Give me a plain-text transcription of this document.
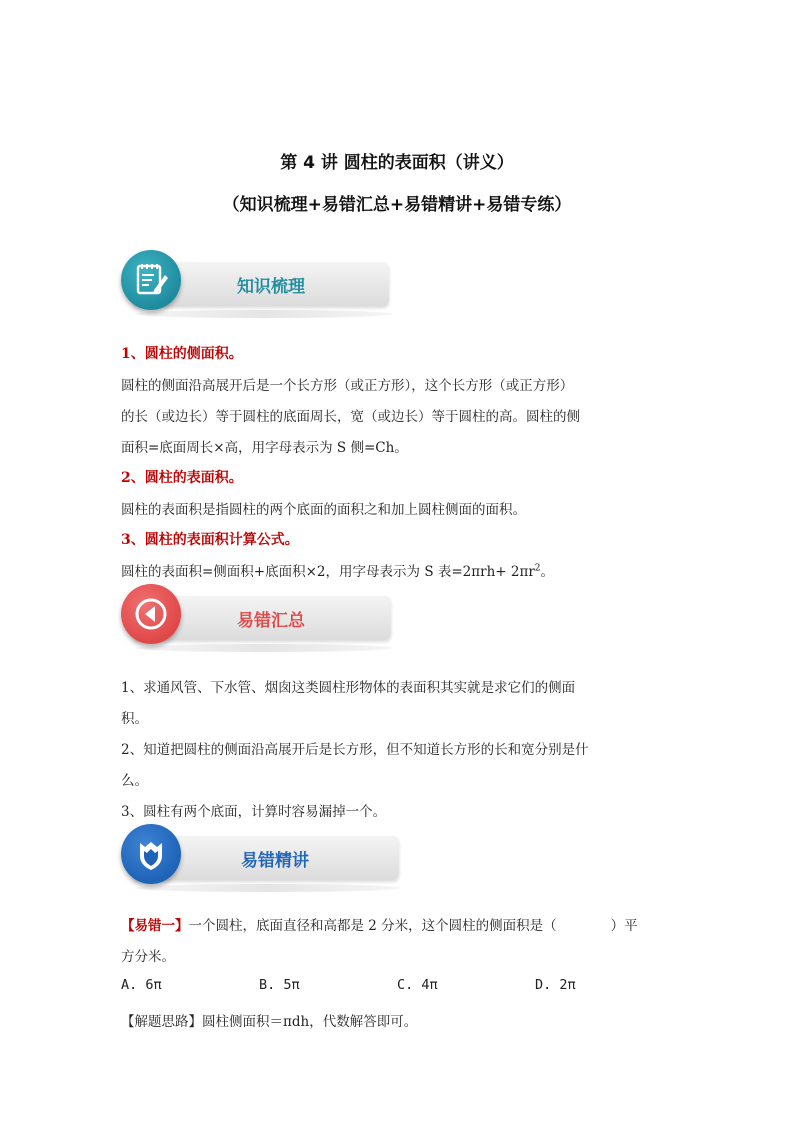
第 4 讲 圆柱的表面积（讲义）
（知识梳理+易错汇总+易错精讲+易错专练）
知识梳理
1、圆柱的侧面积。
圆柱的侧面沿高展开后是一个长方形（或正方形），这个长方形（或正方形）
的长（或边长）等于圆柱的底面周长，宽（或边长）等于圆柱的高。圆柱的侧
面积=底面周长×高，用字母表示为 S 侧=Ch。
2、圆柱的表面积。
圆柱的表面积是指圆柱的两个底面的面积之和加上圆柱侧面的面积。
3、圆柱的表面积计算公式。
圆柱的表面积=侧面积+底面积×2，用字母表示为 S 表$=2\pi rh+ 2\pi r^2$。
易错汇总
1、求通风管、下水管、烟囱这类圆柱形物体的表面积其实就是求它们的侧面
积。
2、知道把圆柱的侧面沿高展开后是长方形，但不知道长方形的长和宽分别是什
么。
3、圆柱有两个底面，计算时容易漏掉一个。
易错精讲
【易错一】一个圆柱，底面直径和高都是 2 分米，这个圆柱的侧面积是（　　　　）平
方分米。
A. 6π	B. 5π	C. 4π	D. 2π
【解题思路】圆柱侧面积＝πdh，代数解答即可。
